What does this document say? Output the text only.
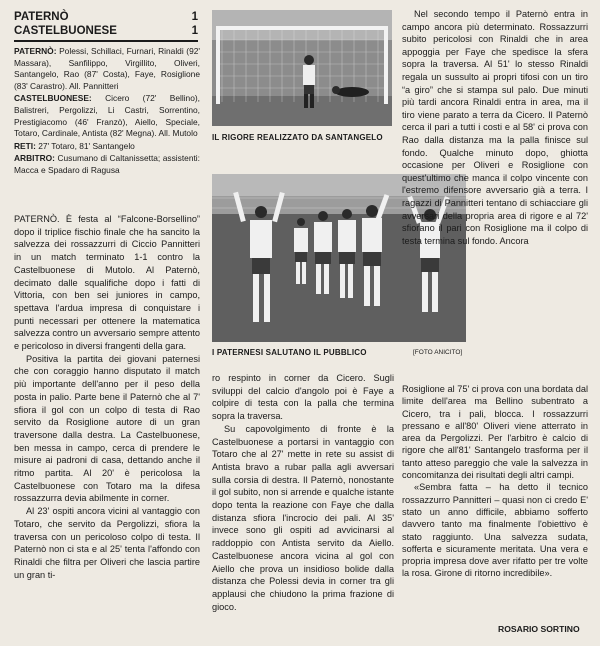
PATERNÒ	1
CASTELBUONESE	1

PATERNÒ: Polessi, Schillaci, Furnari, Rinaldi (92' Massara), Sanfilippo, Virgillito, Oliveri, Santangelo, Rao (87' Costa), Faye, Rosiglione (83' Carastro). All. Pannitteri

CASTELBUONESE: Cicero (72' Bellino), Balistreri, Pergolizzi, Li Castri, Sorrentino, Prestigiacomo (46' Franzò), Aiello, Speciale, Totaro, Cardinale, Antista (82' Megna). All. Mutolo

RETI: 27' Totaro, 81' Santangelo

ARBITRO: Cusumano di Caltanissetta; assistenti: Macca e Spadaro di Ragusa

IL RIGORE REALIZZATO DA SANTANGELO
I PATERNESI SALUTANO IL PUBBLICO	[FOTO ANICITO]

PATERNÒ. È festa al “Falcone-Borsellino” dopo il triplice fischio finale che ha sancito la salvezza dei rossazzurri di Ciccio Pannitteri in un match terminato 1-1 contro la Castelbuonese di Mutolo. Al Paternò, decimato dalle squalifiche dopo i fatti di Vittoria, con ben sei juniores in campo, spettava l'ardua impresa di conquistare i punti necessari per ottenere la matematica salvezza contro un avversario sempre attento e pericoloso in diversi frangenti della gara.

Positiva la partita dei giovani paternesi che con coraggio hanno disputato il match più importante dell'anno per il peso della posta in palio. Parte bene il Paternò che al 7' sfiora il gol con un colpo di testa di Rao servito da Rosiglione autore di un gran traversone dalla destra. La Castelbuonese, ben messa in campo, cerca di prendere le misure ai padroni di casa, dettando anche il ritmo partita. Al 20' è pericolosa la Castelbuonese con Totaro ma la difesa rossazzurra devia abilmente in corner.

Al 23' ospiti ancora vicini al vantaggio con Totaro, che servito da Pergolizzi, sfiora la traversa con un pericoloso colpo di testa. Il Paternò non ci sta e al 25' tenta l'affondo con Rinaldi che filtra per Oliveri che lascia partire un gran ti-

ro respinto in corner da Cicero. Sugli sviluppi del calcio d'angolo poi è Faye a colpire di testa con la palla che termina sopra la traversa.

Su capovolgimento di fronte è la Castelbuonese a portarsi in vantaggio con Totaro che al 27' mette in rete su assist di Antista bravo a rubar palla agli avversari sulla corsia di destra. Il Paternò, nonostante il gol subito, non si arrende e qualche istante dopo tenta la reazione con Faye che dalla distanza sfiora l'incrocio dei pali. Al 35' invece sono gli ospiti ad avvicinarsi al raddoppio con Antista servito da Aiello. Castelbuonese ancora vicina al gol con Aiello che prova un insidioso bolide dalla distanza che Polessi devia in corner tra gli applausi che chiudono la prima frazione di gioco.

Nel secondo tempo il Paternò entra in campo ancora più determinato. Rossazzurri subito pericolosi con Rinaldi che in area appoggia per Faye che spedisce la sfera sopra la traversa. Al 51' lo stesso Rinaldi regala un sussulto ai propri tifosi con un tiro “a giro” che si stampa sul palo. Due minuti più tardi ancora Rinaldi entra in area, ma il tiro viene parato a terra da Cicero. Il Paternò cerca il pari a tutti i costi e al 58' ci prova con Rao dalla distanza ma la palla finisce sul fondo. Qualche minuto dopo, ghiotta occasione per Oliveri e Rosiglione con quest'ultimo che manca il colpo vincente con l'estremo difensore avversario già a terra. I ragazzi di Pannitteri tentano di schiacciare gli avversari della propria area di rigore e al 72' sfiorano il pari con Rosiglione ma il colpo di testa termina sul fondo. Ancora

Rosiglione al 75' ci prova con una bordata dal limite dell'area ma Bellino subentrato a Cicero, tra i pali, blocca. I rossazzurri pressano e all'80' Oliveri viene atterrato in area da Pergolizzi. Per l'arbitro è calcio di rigore che all'81' Santangelo trasforma per il tanto atteso pareggio che vale la salvezza in concomitanza dei risultati degli altri campi.

«Sembra fatta – ha detto il tecnico rossazzurro Pannitteri – quasi non ci credo E' stato un anno difficile, abbiamo sofferto davvero tanto ma finalmente l'obiettivo è stato raggiunto. Una salvezza sudata, sofferta e sicuramente meritata. Una vera e propria impresa dove aver rifatto per tre volte la rosa. Girone di ritorno incredibile».

ROSARIO SORTINO
